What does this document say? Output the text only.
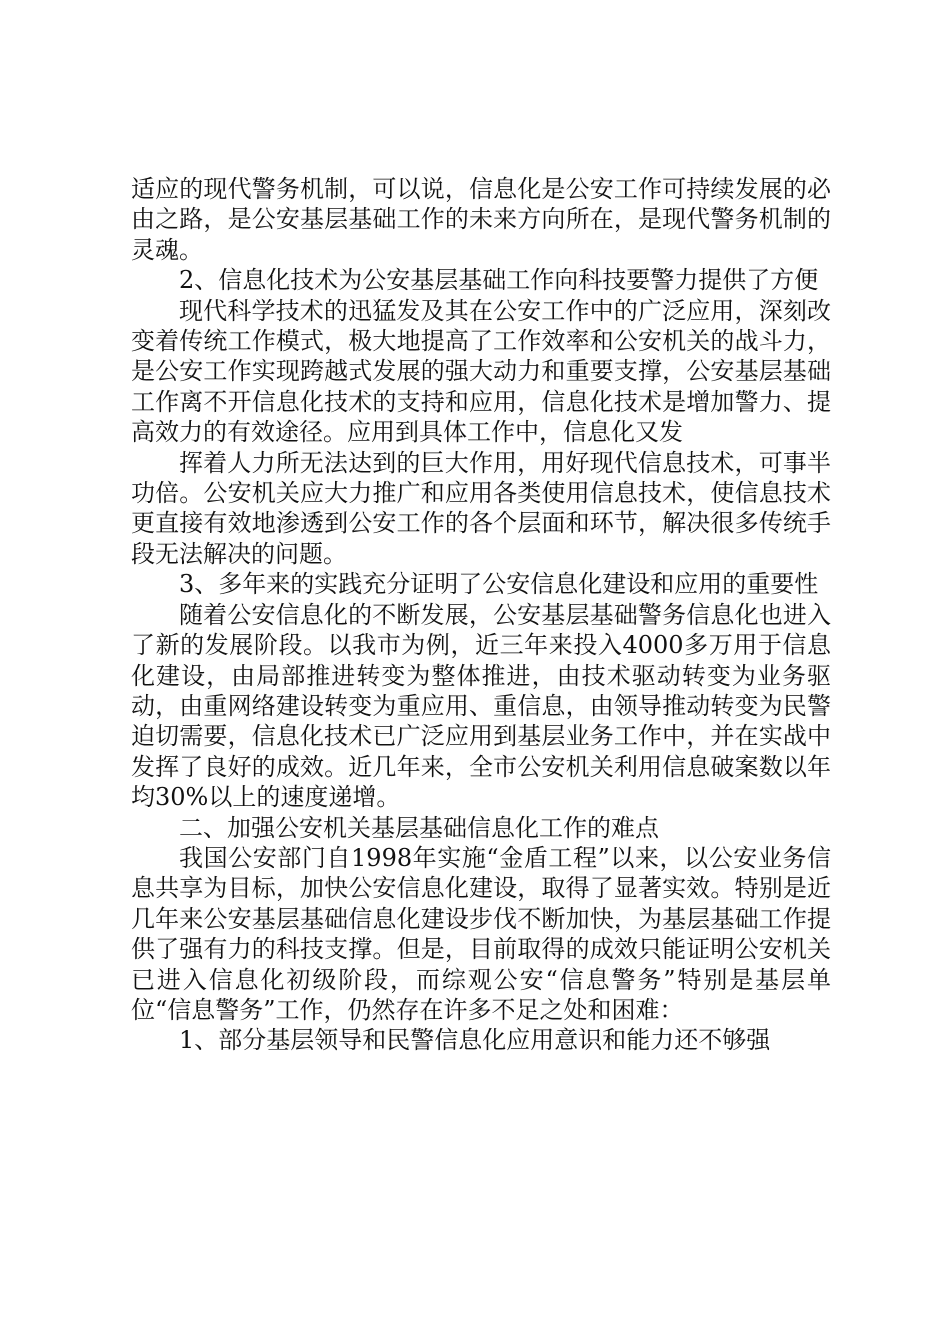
适应的现代警务机制，可以说，信息化是公安工作可持续发展的必由之路，是公安基层基础工作的未来方向所在，是现代警务机制的灵魂。

2、信息化技术为公安基层基础工作向科技要警力提供了方便

现代科学技术的迅猛发及其在公安工作中的广泛应用，深刻改变着传统工作模式，极大地提高了工作效率和公安机关的战斗力，是公安工作实现跨越式发展的强大动力和重要支撑，公安基层基础工作离不开信息化技术的支持和应用，信息化技术是增加警力、提高效力的有效途径。应用到具体工作中，信息化又发

挥着人力所无法达到的巨大作用，用好现代信息技术，可事半功倍。公安机关应大力推广和应用各类使用信息技术，使信息技术更直接有效地渗透到公安工作的各个层面和环节，解决很多传统手段无法解决的问题。

3、多年来的实践充分证明了公安信息化建设和应用的重要性

随着公安信息化的不断发展，公安基层基础警务信息化也进入了新的发展阶段。以我市为例，近三年来投入4000多万用于信息化建设，由局部推进转变为整体推进，由技术驱动转变为业务驱动，由重网络建设转变为重应用、重信息，由领导推动转变为民警迫切需要，信息化技术已广泛应用到基层业务工作中，并在实战中发挥了良好的成效。近几年来，全市公安机关利用信息破案数以年均30%以上的速度递增。

二、加强公安机关基层基础信息化工作的难点

我国公安部门自1998年实施“金盾工程”以来，以公安业务信息共享为目标，加快公安信息化建设，取得了显著实效。特别是近几年来公安基层基础信息化建设步伐不断加快，为基层基础工作提供了强有力的科技支撑。但是，目前取得的成效只能证明公安机关已进入信息化初级阶段，而综观公安“信息警务”特别是基层单位“信息警务”工作，仍然存在许多不足之处和困难：

1、部分基层领导和民警信息化应用意识和能力还不够强
